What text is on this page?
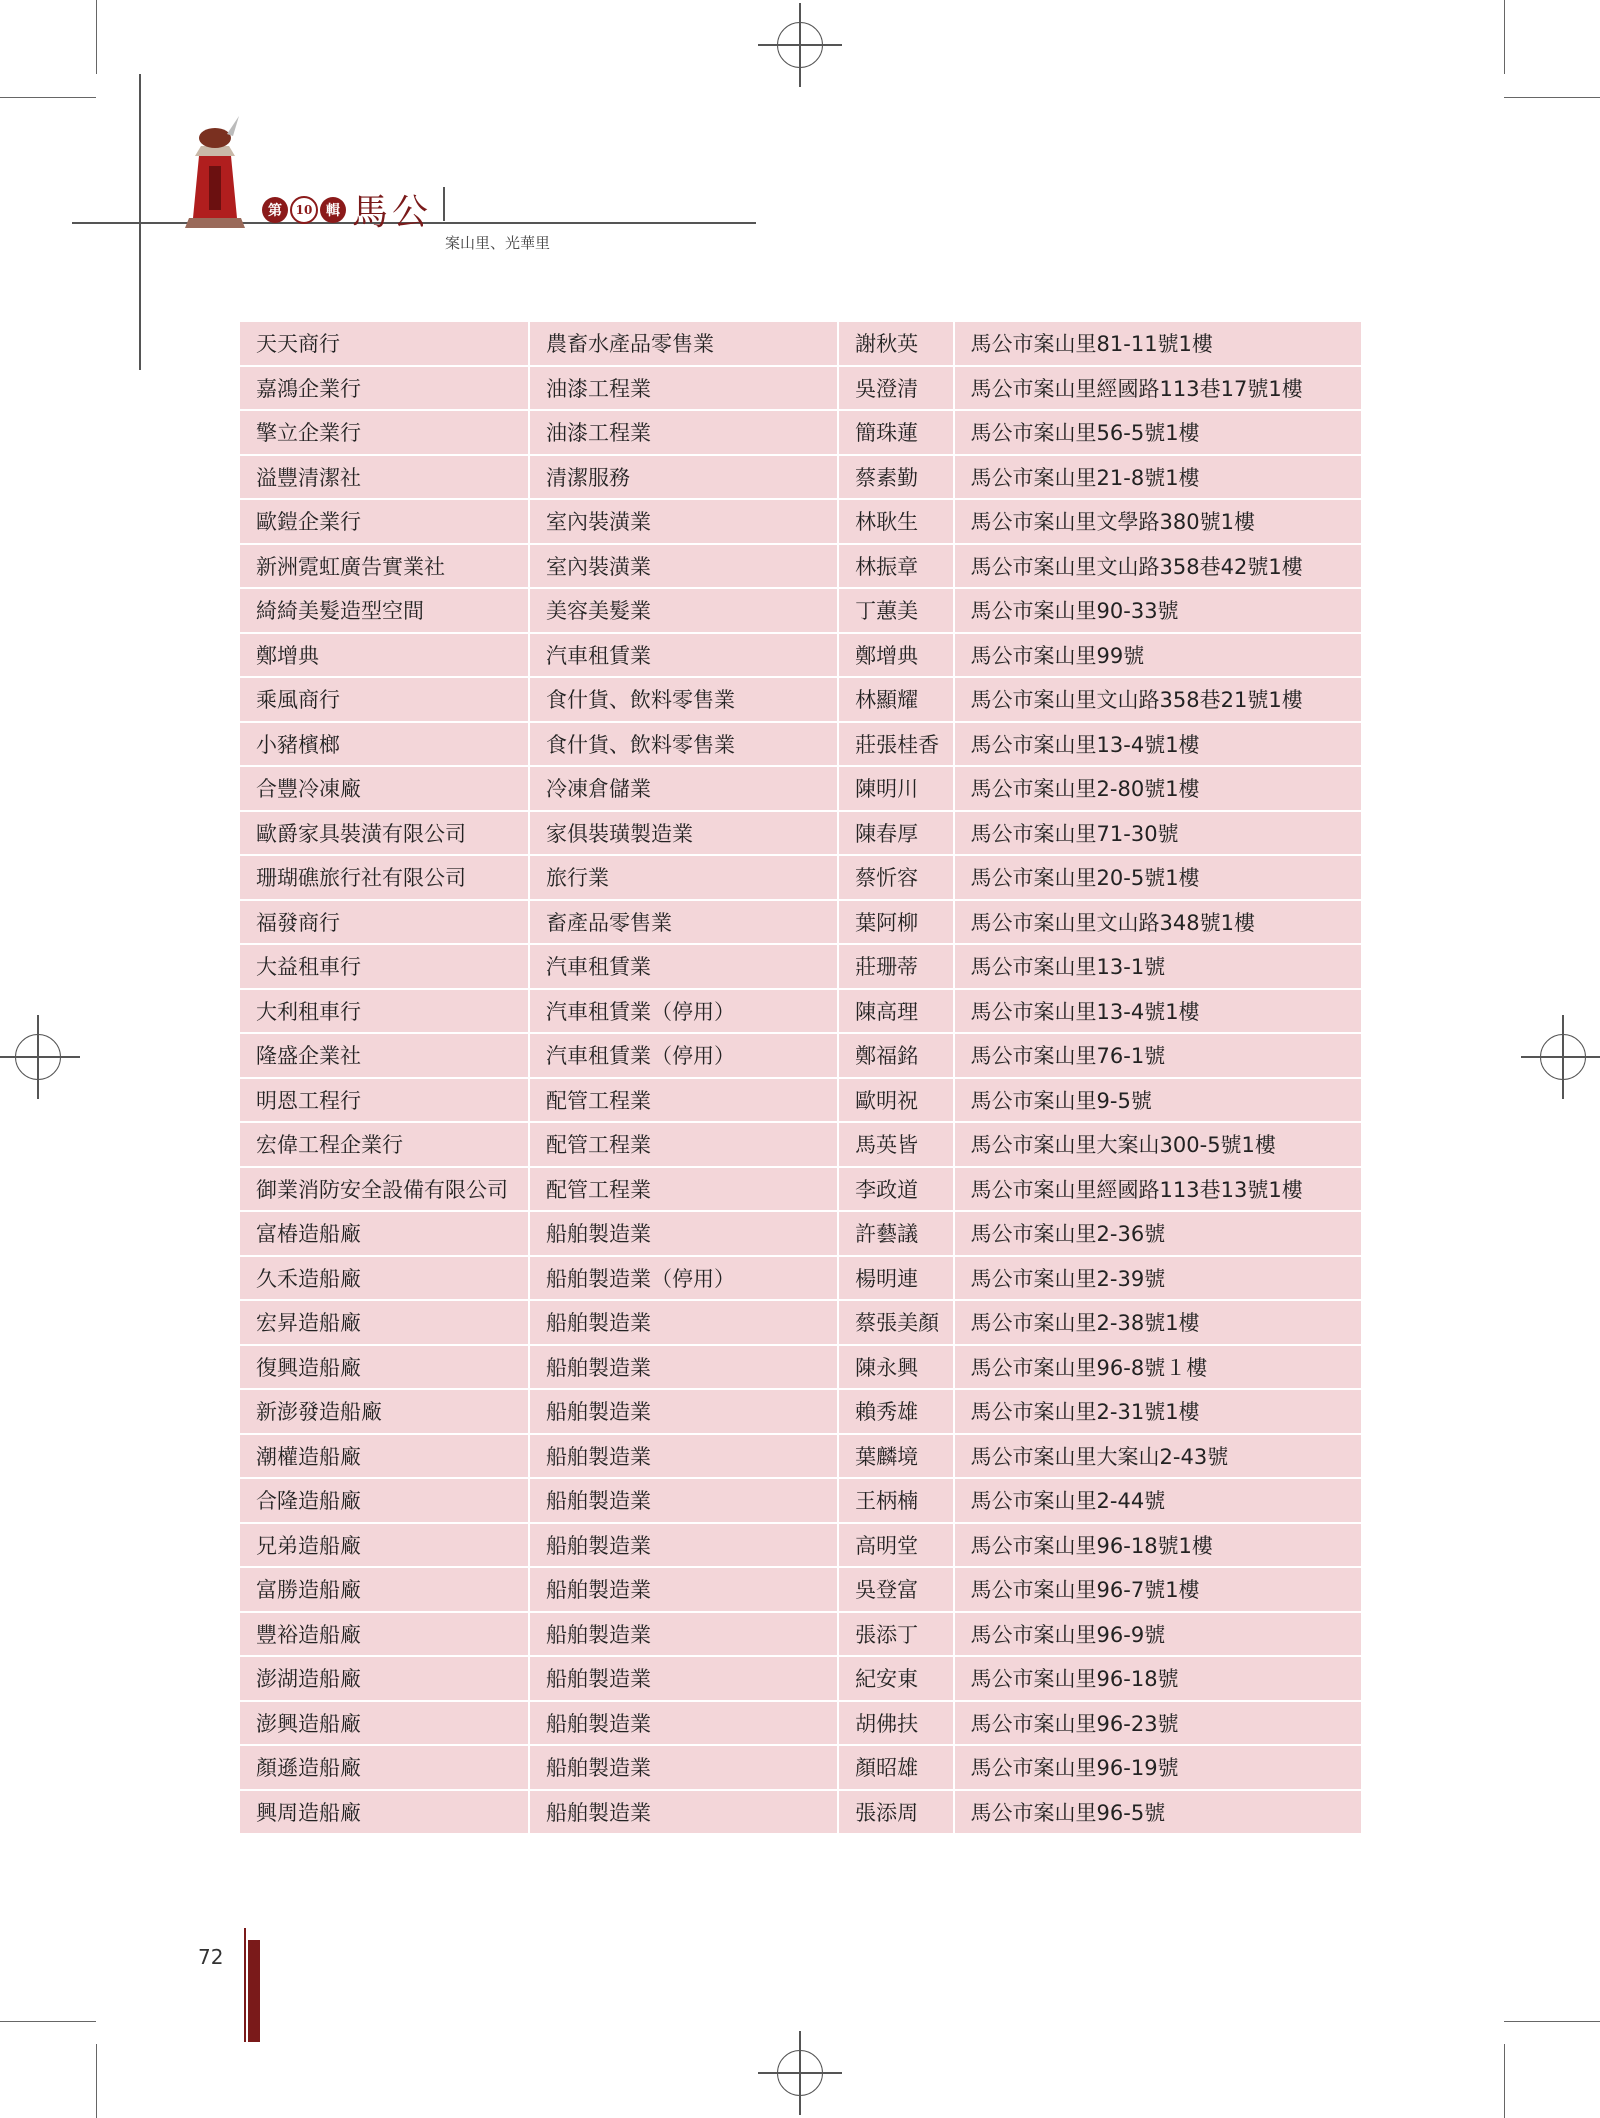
第	10 輯 馬公
案山里、光華里
天天商行	農畜水產品零售業	謝秋英	馬公市案山里81-11號1樓
嘉鴻企業行	油漆工程業	吳澄清	馬公市案山里經國路113巷17號1樓
擎立企業行	油漆工程業	簡珠蓮	馬公市案山里56-5號1樓
溢豐清潔社	清潔服務	蔡素勤	馬公市案山里21-8號1樓
歐鎧企業行	室內裝潢業	林耿生	馬公市案山里文學路380號1樓
新洲霓虹廣告實業社	室內裝潢業	林振章	馬公市案山里文山路358巷42號1樓
綺綺美髮造型空間	美容美髮業	丁蕙美	馬公市案山里90-33號
鄭增典	汽車租賃業	鄭增典	馬公市案山里99號
乘風商行	食什貨、飲料零售業	林顯耀	馬公市案山里文山路358巷21號1樓
小豬檳榔	食什貨、飲料零售業	莊張桂香	馬公市案山里13-4號1樓
合豐冷凍廠	冷凍倉儲業	陳明川	馬公市案山里2-80號1樓
歐爵家具裝潢有限公司	家俱裝璜製造業	陳春厚	馬公市案山里71-30號
珊瑚礁旅行社有限公司	旅行業	蔡忻容	馬公市案山里20-5號1樓
福發商行	畜產品零售業	葉阿柳	馬公市案山里文山路348號1樓
大益租車行	汽車租賃業	莊珊蒂	馬公市案山里13-1號
大利租車行	汽車租賃業（停用）	陳高理	馬公市案山里13-4號1樓
隆盛企業社	汽車租賃業（停用）	鄭福銘	馬公市案山里76-1號
明恩工程行	配管工程業	歐明祝	馬公市案山里9-5號
宏偉工程企業行	配管工程業	馬英皆	馬公市案山里大案山300-5號1樓
御業消防安全設備有限公司	配管工程業	李政道	馬公市案山里經國路113巷13號1樓
富椿造船廠	船舶製造業	許藝議	馬公市案山里2-36號
久禾造船廠	船舶製造業（停用）	楊明連	馬公市案山里2-39號
宏昇造船廠	船舶製造業	蔡張美顏	馬公市案山里2-38號1樓
復興造船廠	船舶製造業	陳永興	馬公市案山里96-8號１樓
新澎發造船廠	船舶製造業	賴秀雄	馬公市案山里2-31號1樓
潮權造船廠	船舶製造業	葉麟境	馬公市案山里大案山2-43號
合隆造船廠	船舶製造業	王柄楠	馬公市案山里2-44號
兄弟造船廠	船舶製造業	高明堂	馬公市案山里96-18號1樓
富勝造船廠	船舶製造業	吳登富	馬公市案山里96-7號1樓
豐裕造船廠	船舶製造業	張添丁	馬公市案山里96-9號
澎湖造船廠	船舶製造業	紀安東	馬公市案山里96-18號
澎興造船廠	船舶製造業	胡佛扶	馬公市案山里96-23號
顏遜造船廠	船舶製造業	顏昭雄	馬公市案山里96-19號
興周造船廠	船舶製造業	張添周	馬公市案山里96-5號
72
